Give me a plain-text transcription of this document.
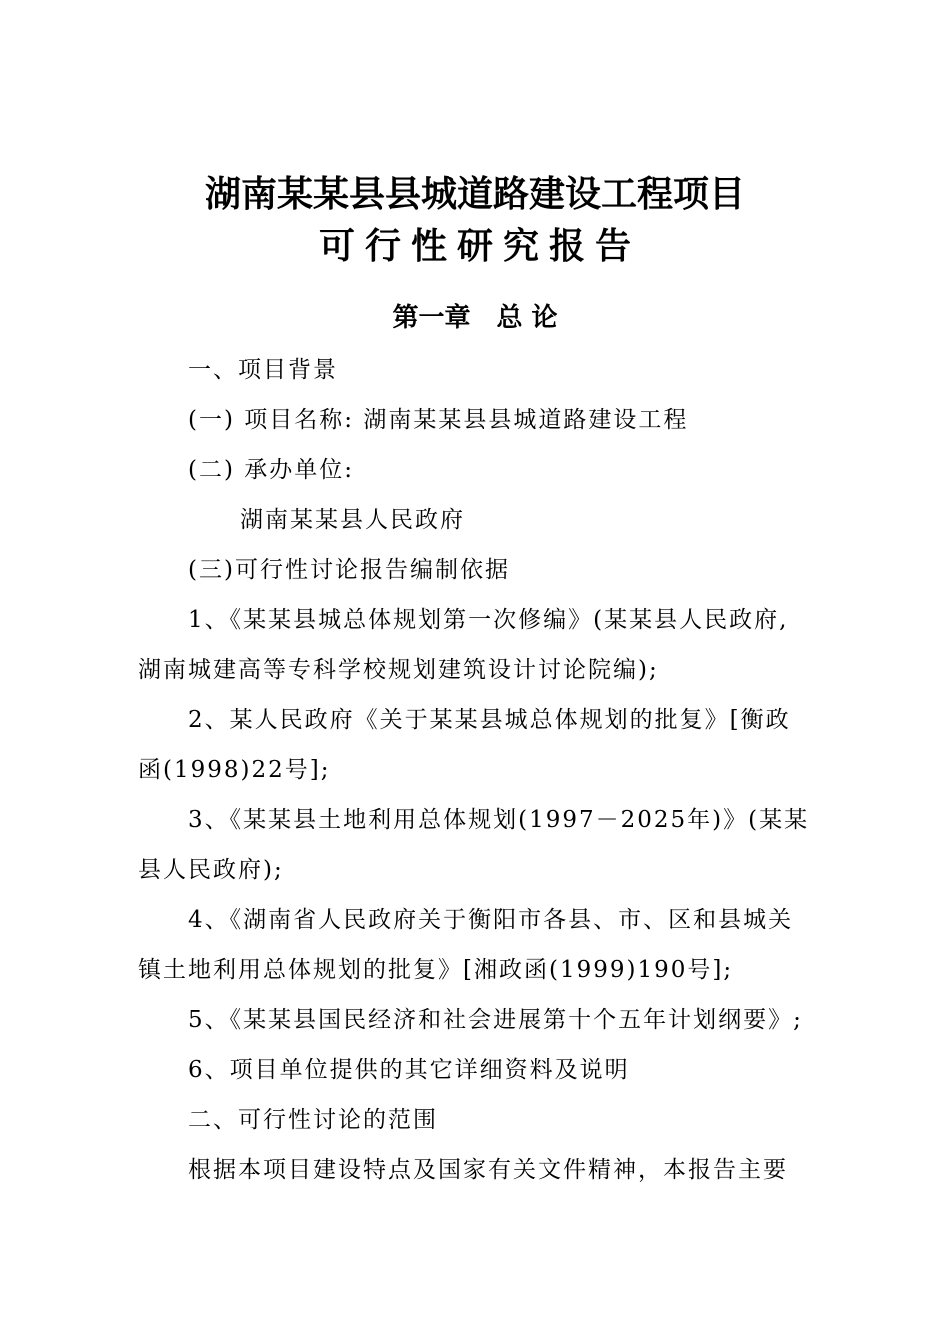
湖南某某县县城道路建设工程项目
可行性研究报告
第一章　总 论
一、项目背景
(一) 项目名称: 湖南某某县县城道路建设工程
(二) 承办单位:
湖南某某县人民政府
(三)可行性讨论报告编制依据
1、《某某县城总体规划第一次修编》(某某县人民政府,
湖南城建高等专科学校规划建筑设计讨论院编);
2、某人民政府《关于某某县城总体规划的批复》[衡政
函(1998)22号];
3、《某某县土地利用总体规划(1997－2025年)》(某某
县人民政府);
4、《湖南省人民政府关于衡阳市各县、市、区和县城关
镇土地利用总体规划的批复》[湘政函(1999)190号];
5、《某某县国民经济和社会进展第十个五年计划纲要》;
6、项目单位提供的其它详细资料及说明
二、可行性讨论的范围
根据本项目建设特点及国家有关文件精神，本报告主要
